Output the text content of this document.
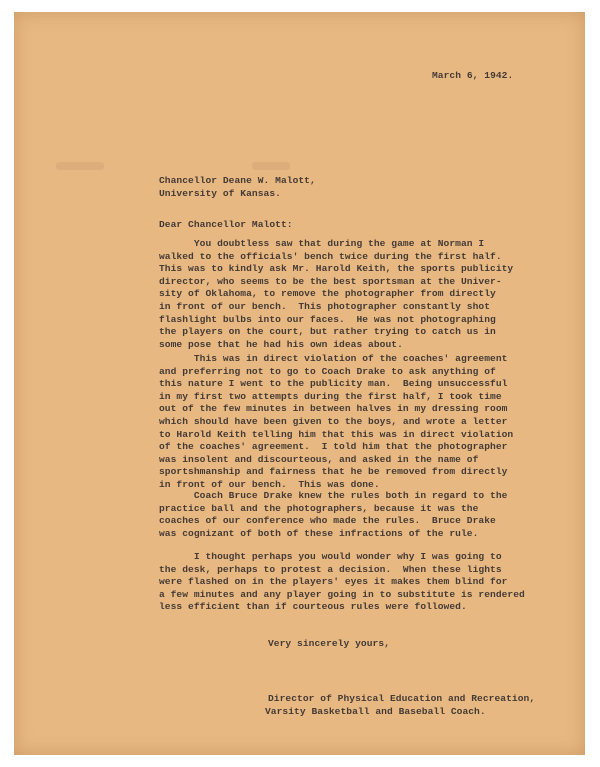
March 6, 1942.
Chancellor Deane W. Malott,
University of Kansas.
Dear Chancellor Malott:
You doubtless saw that during the game at Norman I
walked to the officials' bench twice during the first half.
This was to kindly ask Mr. Harold Keith, the sports publicity
director, who seems to be the best sportsman at the Univer-
sity of Oklahoma, to remove the photographer from directly
in front of our bench.  This photographer constantly shot
flashlight bulbs into our faces.  He was not photographing
the players on the court, but rather trying to catch us in
some pose that he had his own ideas about.
This was in direct violation of the coaches' agreement
and preferring not to go to Coach Drake to ask anything of
this nature I went to the publicity man.  Being unsuccessful
in my first two attempts during the first half, I took time
out of the few minutes in between halves in my dressing room
which should have been given to the boys, and wrote a letter
to Harold Keith telling him that this was in direct violation
of the coaches' agreement.  I told him that the photographer
was insolent and discourteous, and asked in the name of
sportshmanship and fairness that he be removed from directly
in front of our bench.  This was done.
Coach Bruce Drake knew the rules both in regard to the
practice ball and the photographers, because it was the
coaches of our conference who made the rules.  Bruce Drake
was cognizant of both of these infractions of the rule.
I thought perhaps you would wonder why I was going to
the desk, perhaps to protest a decision.  When these lights
were flashed on in the players' eyes it makes them blind for
a few minutes and any player going in to substitute is rendered
less efficient than if courteous rules were followed.
Very sincerely yours,
Director of Physical Education and Recreation,
Varsity Basketball and Baseball Coach.
